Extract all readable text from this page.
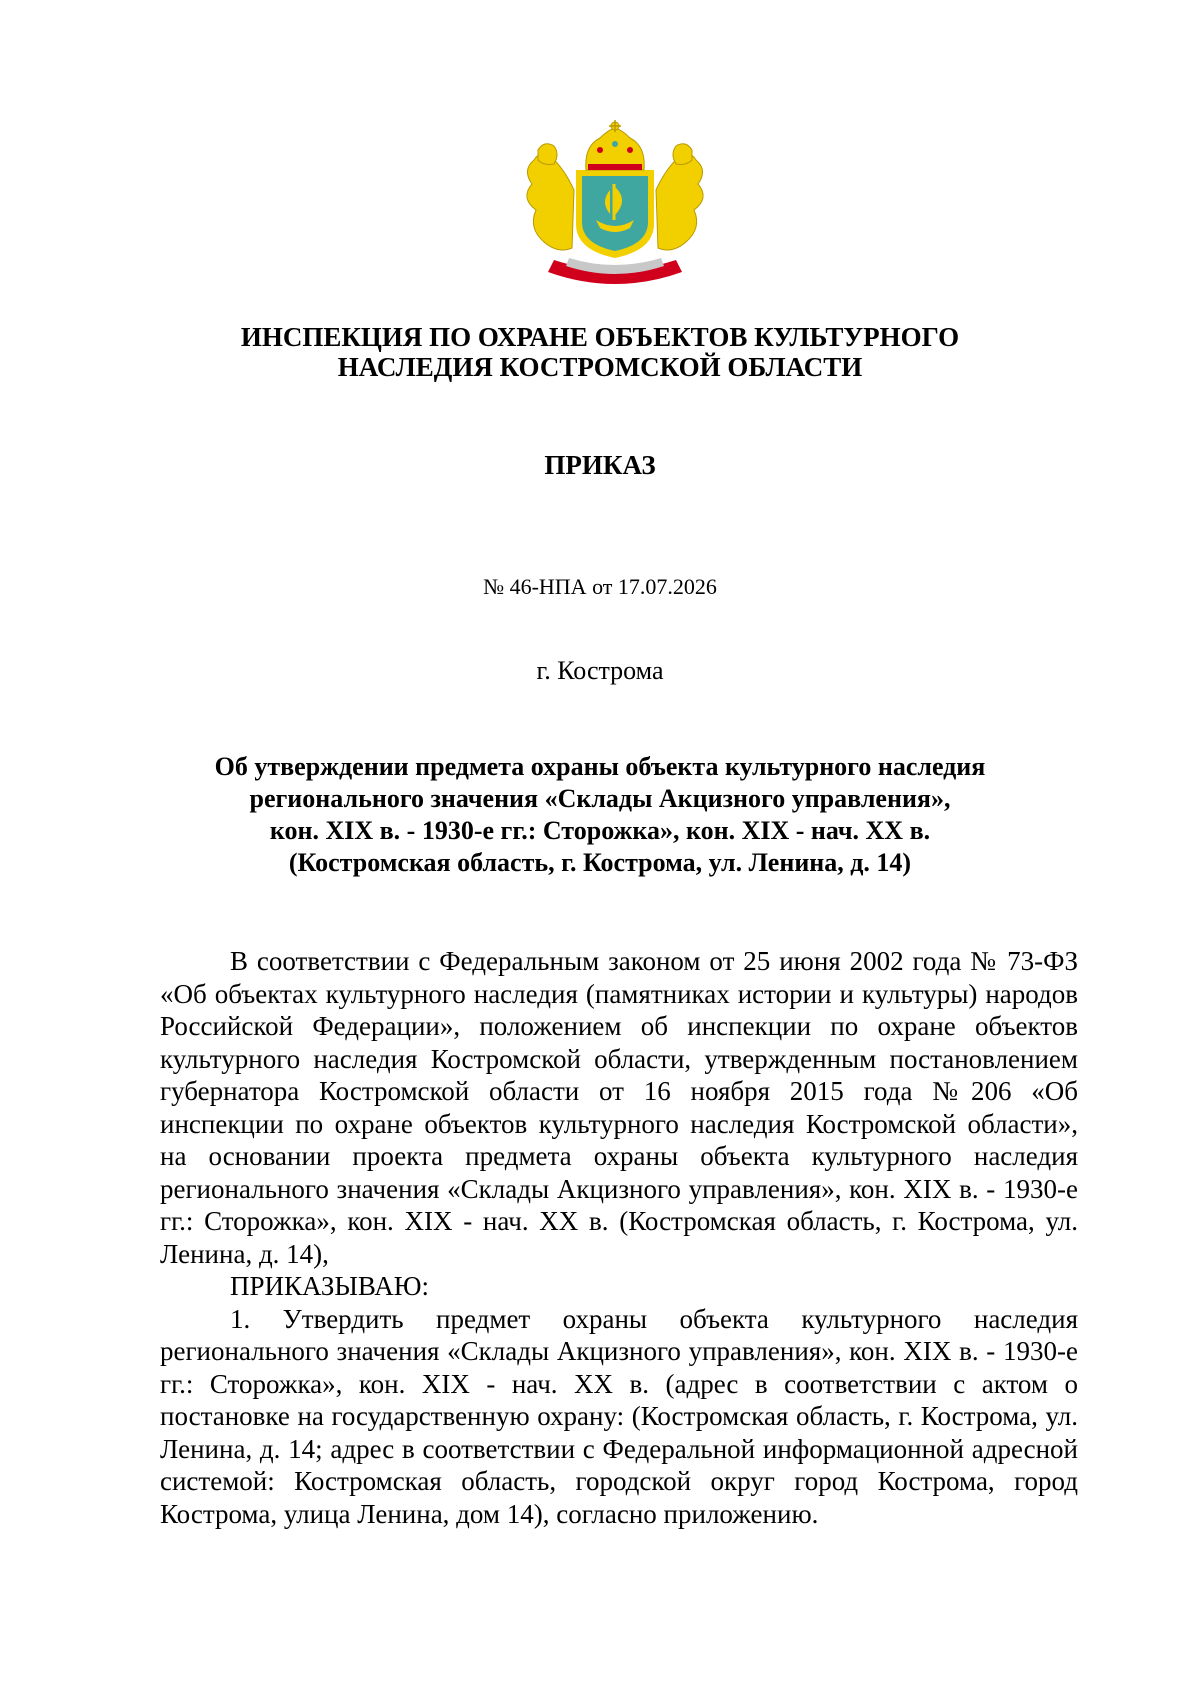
ИНСПЕКЦИЯ ПО ОХРАНЕ ОБЪЕКТОВ КУЛЬТУРНОГО
НАСЛЕДИЯ КОСТРОМСКОЙ ОБЛАСТИ
ПРИКАЗ
№ 46-НПА от 17.07.2026
г. Кострома
Об утверждении предмета охраны объекта культурного наследия
регионального значения «Склады Акцизного управления»,
кон. XIX в. - 1930-е гг.: Сторожка», кон. XIX - нач. XX в.
(Костромская область, г. Кострома, ул. Ленина, д. 14)

В соответствии с Федеральным законом от 25 июня 2002 года № 73-ФЗ «Об объектах культурного наследия (памятниках истории и культуры) народов Российской Федерации», положением об инспекции по охране объектов культурного наследия Костромской области, утвержденным постановлением губернатора Костромской области от 16 ноября 2015 года №206 «Об инспекции по охране объектов культурного наследия Костромской области», на основании проекта предмета охраны объекта культурного наследия регионального значения «Склады Акцизного управления», кон. XIX в. - 1930-е гг.: Сторожка», кон. XIX - нач. XX в. (Костромская область, г. Кострома, ул. Ленина, д. 14),

ПРИКАЗЫВАЮ:

1. Утвердить предмет охраны объекта культурного наследия регионального значения «Склады Акцизного управления», кон. XIX в. - 1930-е гг.: Сторожка», кон. XIX - нач. XX в. (адрес в соответствии с актом о постановке на государственную охрану: (Костромская область, г. Кострома, ул. Ленина, д. 14; адрес в соответствии с Федеральной информационной адресной системой: Костромская область, городской округ город Кострома, город Кострома, улица Ленина, дом 14), согласно приложению.
